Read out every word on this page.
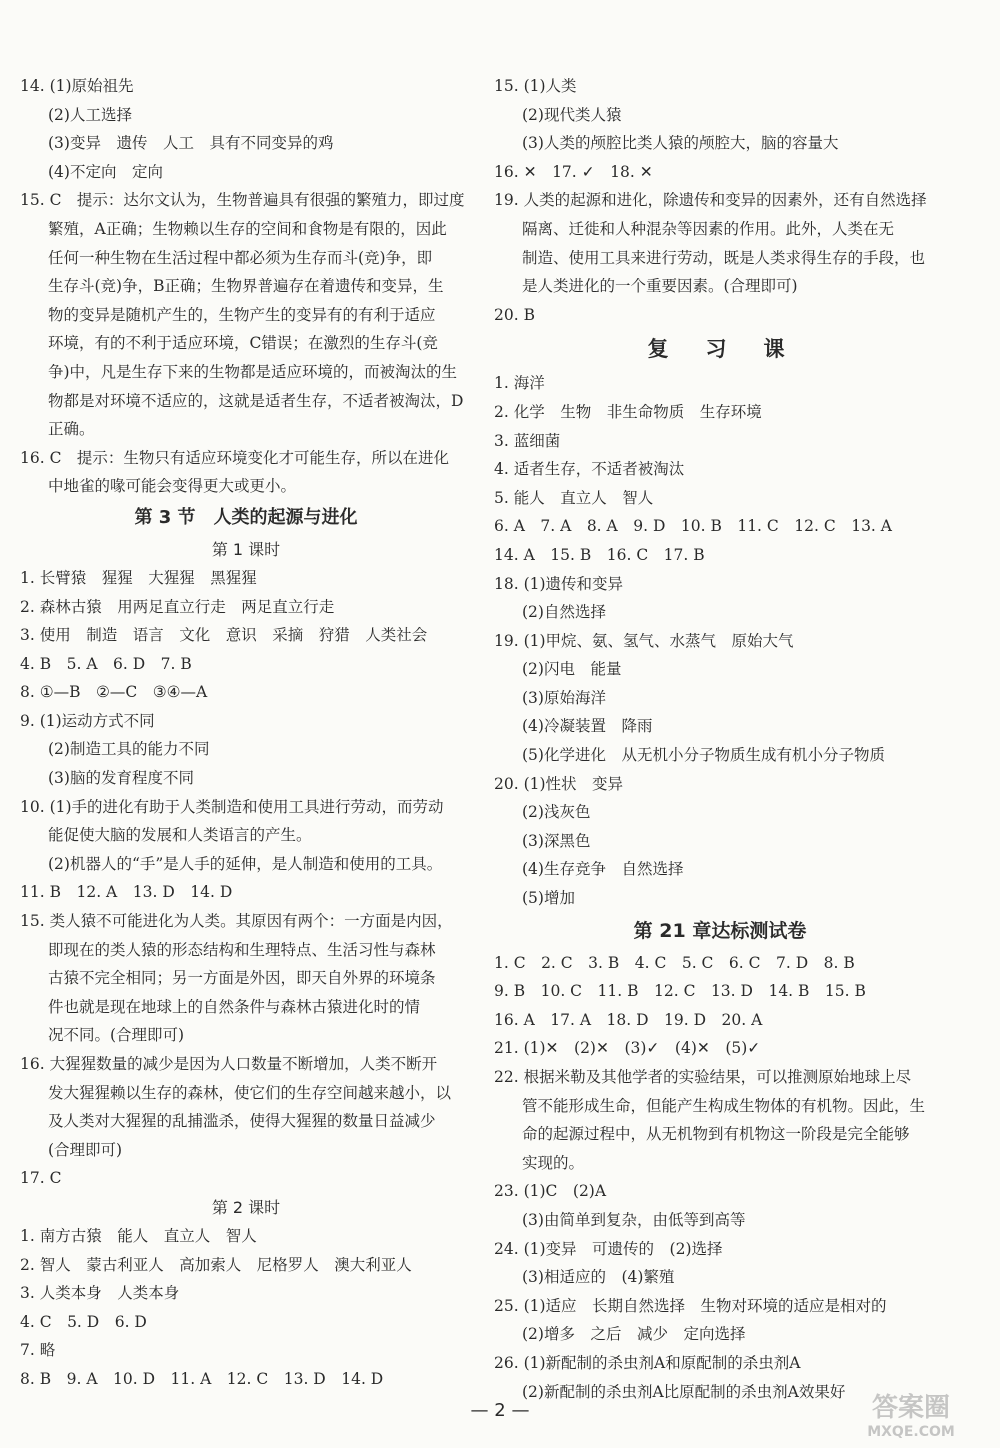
14. (1)原始祖先
(2)人工选择
(3)变异　遗传　人工　具有不同变异的鸡
(4)不定向　定向
15. C　提示：达尔文认为，生物普遍具有很强的繁殖力，即过度
繁殖，A正确；生物赖以生存的空间和食物是有限的，因此
任何一种生物在生活过程中都必须为生存而斗(竞)争，即
生存斗(竞)争，B正确；生物界普遍存在着遗传和变异，生
物的变异是随机产生的，生物产生的变异有的有利于适应
环境，有的不利于适应环境，C错误；在激烈的生存斗(竞
争)中，凡是生存下来的生物都是适应环境的，而被淘汰的生
物都是对环境不适应的，这就是适者生存，不适者被淘汰，D
正确。
16. C　提示：生物只有适应环境变化才可能生存，所以在进化
中地雀的喙可能会变得更大或更小。
第 3 节　人类的起源与进化
第 1 课时
1. 长臂猿　猩猩　大猩猩　黑猩猩
2. 森林古猿　用两足直立行走　两足直立行走
3. 使用　制造　语言　文化　意识　采摘　狩猎　人类社会
4. B　5. A　6. D　7. B
8. ①—B　②—C　③④—A
9. (1)运动方式不同
(2)制造工具的能力不同
(3)脑的发育程度不同
10. (1)手的进化有助于人类制造和使用工具进行劳动，而劳动
能促使大脑的发展和人类语言的产生。
(2)机器人的“手”是人手的延伸，是人制造和使用的工具。
11. B　12. A　13. D　14. D
15. 类人猿不可能进化为人类。其原因有两个：一方面是内因，
即现在的类人猿的形态结构和生理特点、生活习性与森林
古猿不完全相同；另一方面是外因，即天自外界的环境条
件也就是现在地球上的自然条件与森林古猿进化时的情
况不同。(合理即可)
16. 大猩猩数量的减少是因为人口数量不断增加，人类不断开
发大猩猩赖以生存的森林，使它们的生存空间越来越小，以
及人类对大猩猩的乱捕滥杀，使得大猩猩的数量日益减少
(合理即可)
17. C
第 2 课时
1. 南方古猿　能人　直立人　智人
2. 智人　蒙古利亚人　高加索人　尼格罗人　澳大利亚人
3. 人类本身　人类本身
4. C　5. D　6. D
7. 略
8. B　9. A　10. D　11. A　12. C　13. D　14. D
15. (1)人类
(2)现代类人猿
(3)人类的颅腔比类人猿的颅腔大，脑的容量大
16. ✕　17. ✓　18. ✕
19. 人类的起源和进化，除遗传和变异的因素外，还有自然选择
隔离、迁徙和人种混杂等因素的作用。此外，人类在无
制造、使用工具来进行劳动，既是人类求得生存的手段，也
是人类进化的一个重要因素。(合理即可)
20. B
复　习　课
1. 海洋
2. 化学　生物　非生命物质　生存环境
3. 蓝细菌
4. 适者生存，不适者被淘汰
5. 能人　直立人　智人
6. A　7. A　8. A　9. D　10. B　11. C　12. C　13. A
14. A　15. B　16. C　17. B
18. (1)遗传和变异
(2)自然选择
19. (1)甲烷、氨、氢气、水蒸气　原始大气
(2)闪电　能量
(3)原始海洋
(4)冷凝装置　降雨
(5)化学进化　从无机小分子物质生成有机小分子物质
20. (1)性状　变异
(2)浅灰色
(3)深黑色
(4)生存竞争　自然选择
(5)增加
第 21 章达标测试卷
1. C　2. C　3. B　4. C　5. C　6. C　7. D　8. B
9. B　10. C　11. B　12. C　13. D　14. B　15. B
16. A　17. A　18. D　19. D　20. A
21. (1)✕　(2)✕　(3)✓　(4)✕　(5)✓
22. 根据米勒及其他学者的实验结果，可以推测原始地球上尽
管不能形成生命，但能产生构成生物体的有机物。因此，生
命的起源过程中，从无机物到有机物这一阶段是完全能够
实现的。
23. (1)C　(2)A
(3)由简单到复杂，由低等到高等
24. (1)变异　可遗传的　(2)选择
(3)相适应的　(4)繁殖
25. (1)适应　长期自然选择　生物对环境的适应是相对的
(2)增多　之后　减少　定向选择
26. (1)新配制的杀虫剂A和原配制的杀虫剂A
(2)新配制的杀虫剂A比原配制的杀虫剂A效果好
— 2 —	答案圈
MXQE.COM
